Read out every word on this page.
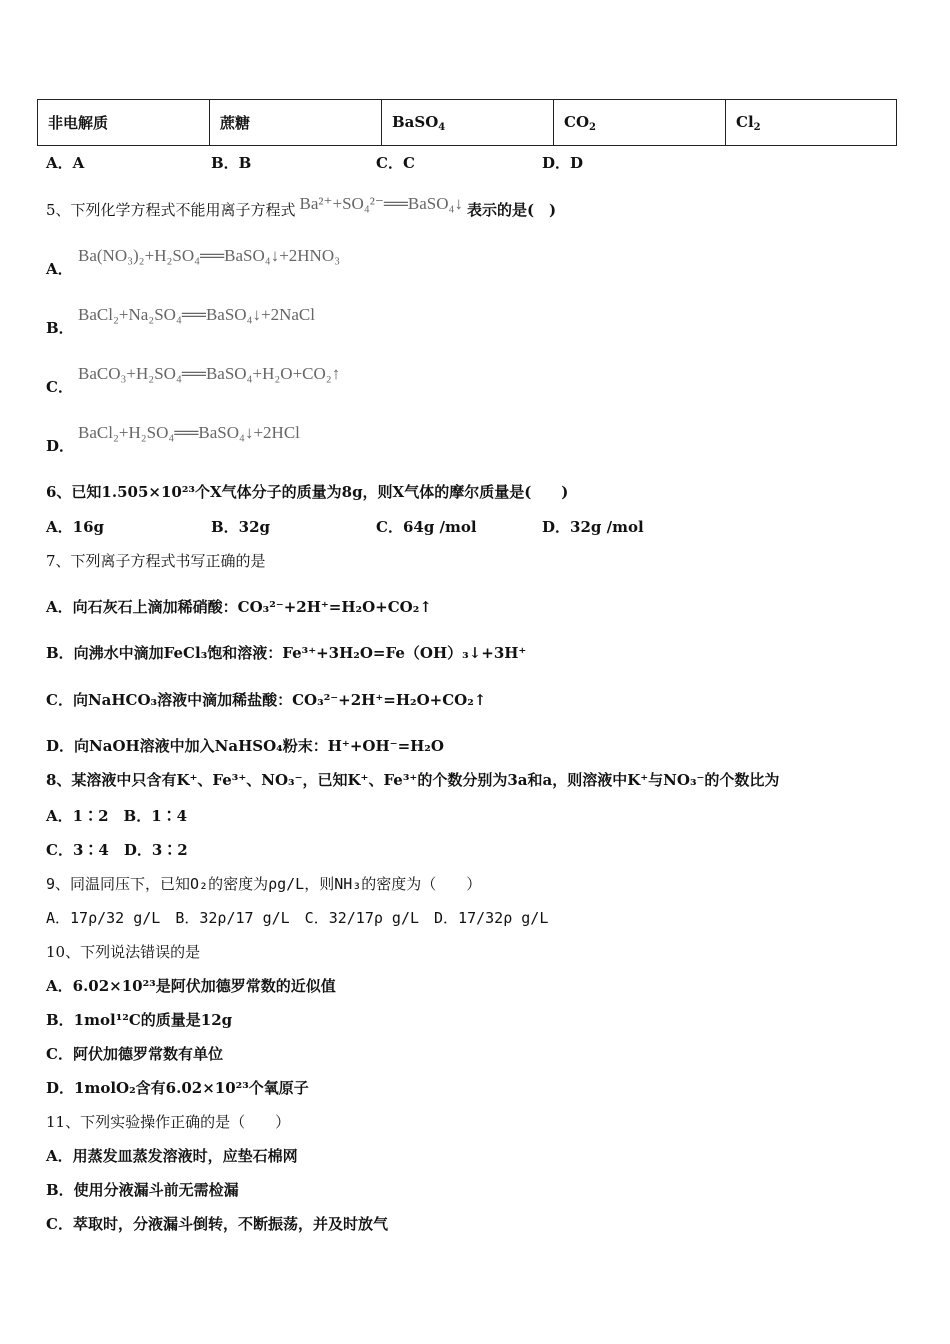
非电解质	蔗糖	BaSO$_4$	$CO_2$	$Cl_2$
A．A	B．B	C．C	D．D
5、下列化学方程式不能用离子方程式 Ba²⁺+SO₄²⁻══BaSO₄↓ 表示的是(　)
A．
Ba(NO₃)₂+H₂SO₄══BaSO₄↓+2HNO₃
B．
BaCl₂+Na₂SO₄══BaSO₄↓+2NaCl
C．
BaCO₃+H₂SO₄══BaSO₄+H₂O+CO₂↑
D．
BaCl₂+H₂SO₄══BaSO₄↓+2HCl
6、已知1.505×10²³个X气体分子的质量为8g，则X气体的摩尔质量是(　　)
A．16g	B．32g	C．64g /mol	D．32g /mol
7、下列离子方程式书写正确的是
A．向石灰石上滴加稀硝酸：CO₃²⁻+2H⁺=H₂O+CO₂↑
B．向沸水中滴加FeCl₃饱和溶液：Fe³⁺+3H₂O=Fe（OH）₃↓+3H⁺
C．向NaHCO₃溶液中滴加稀盐酸：CO₃²⁻+2H⁺=H₂O+CO₂↑
D．向NaOH溶液中加入NaHSO₄粉末：H⁺+OH⁻=H₂O
8、某溶液中只含有K⁺、Fe³⁺、NO₃⁻，已知K⁺、Fe³⁺的个数分别为3a和a，则溶液中K⁺与NO₃⁻的个数比为
A．1∶2　B．1∶4
C．3∶4　D．3∶2
9、同温同压下，已知O₂的密度为ρg/L，则NH₃的密度为（　　）
A．17ρ/32 g/L　B．32ρ/17 g/L　C．32/17ρ g/L　D．17/32ρ g/L
10、下列说法错误的是
A．6.02×10²³是阿伏加德罗常数的近似值
B．1mol¹²C的质量是12g
C．阿伏加德罗常数有单位
D．1molO₂含有6.02×10²³个氧原子
11、下列实验操作正确的是（　　）
A．用蒸发皿蒸发溶液时，应垫石棉网
B．使用分液漏斗前无需检漏
C．萃取时，分液漏斗倒转，不断振荡，并及时放气
